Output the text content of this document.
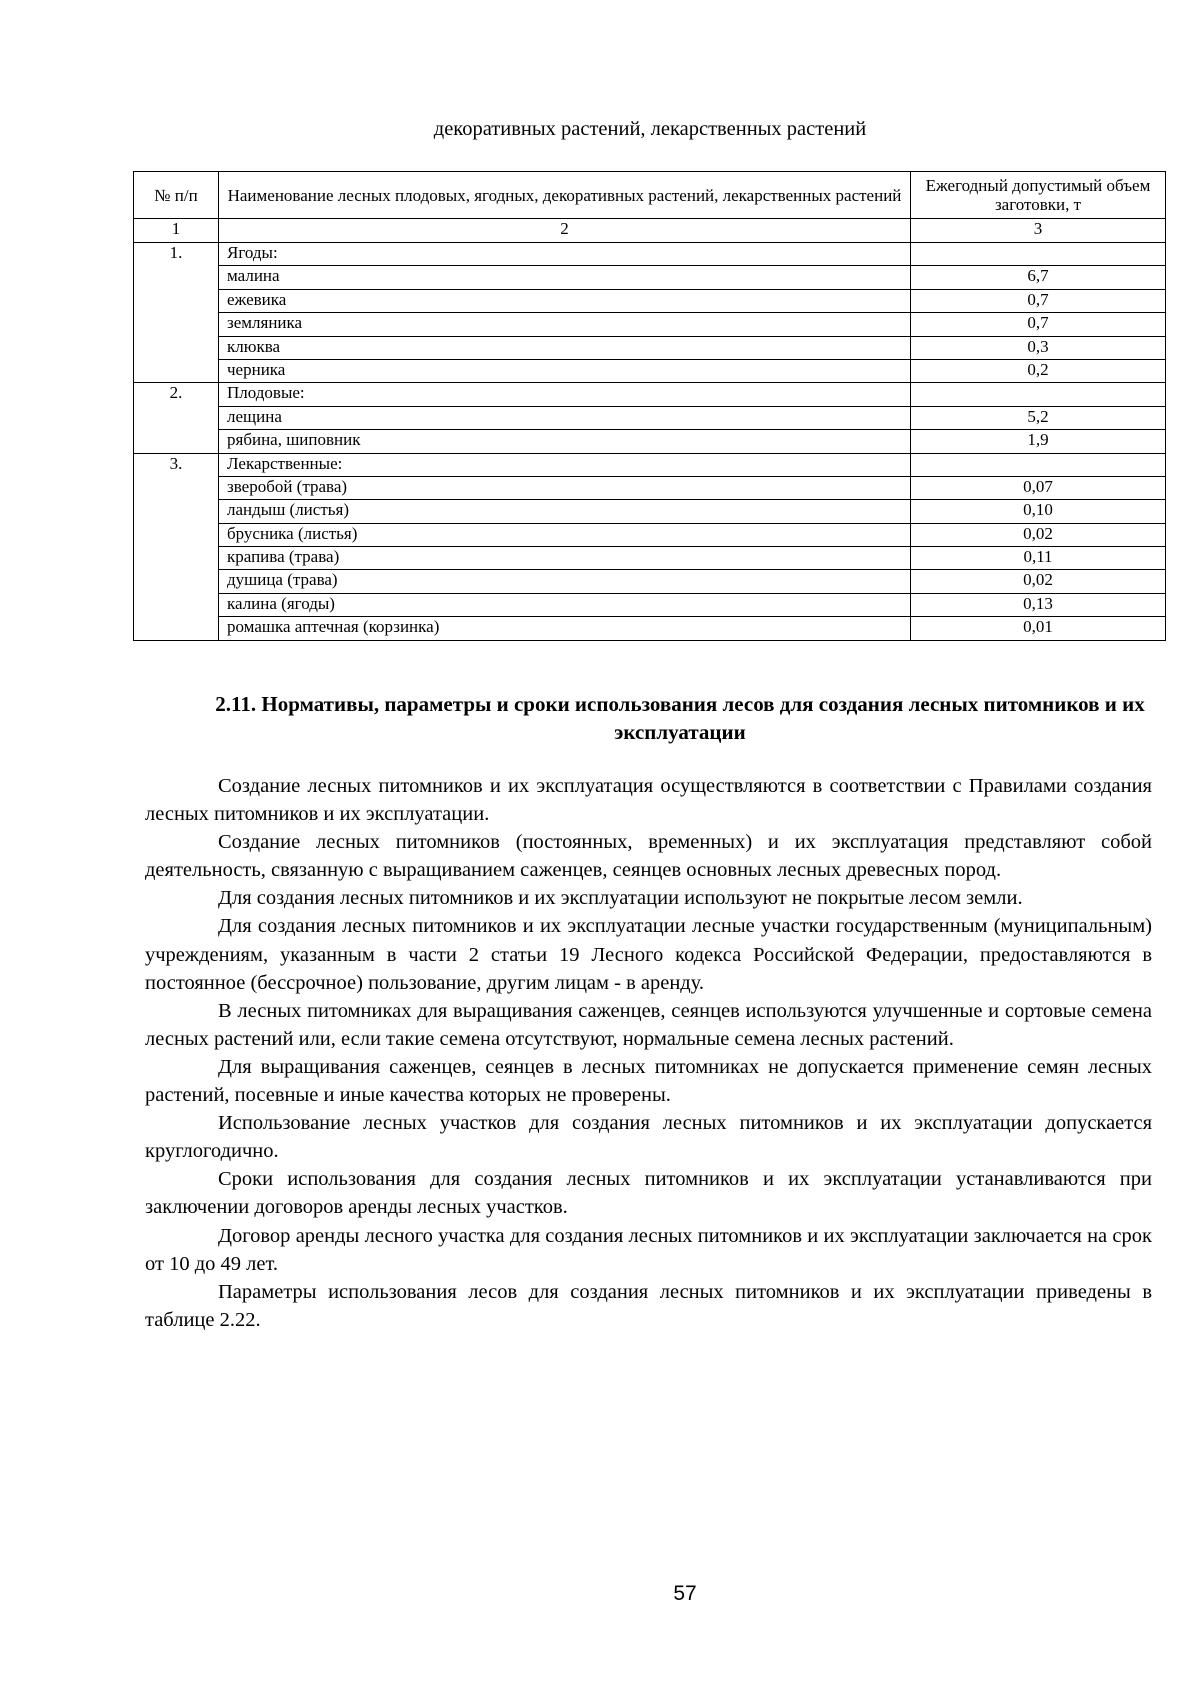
декоративных растений, лекарственных растений
№ п/п	Наименование лесных плодовых, ягодных, декоративных растений, лекарственных растений	Ежегодный допустимый объем заготовки, т
1	2	3
1.	Ягоды:	
	малина	6,7
	ежевика	0,7
	земляника	0,7
	клюква	0,3
	черника	0,2
2.	Плодовые:	
	лещина	5,2
	рябина, шиповник	1,9
3.	Лекарственные:	
	зверобой (трава)	0,07
	ландыш (листья)	0,10
	брусника (листья)	0,02
	крапива (трава)	0,11
	душица (трава)	0,02
	калина (ягоды)	0,13
	ромашка аптечная (корзинка)	0,01
2.11. Нормативы, параметры и сроки использования лесов для создания лесных питомников и их эксплуатации

Создание лесных питомников и их эксплуатация осуществляются в соответствии с Правилами создания лесных питомников и их эксплуатации.

Создание лесных питомников (постоянных, временных) и их эксплуатация представляют собой деятельность, связанную с выращиванием саженцев, сеянцев основных лесных древесных пород.

Для создания лесных питомников и их эксплуатации используют не покрытые лесом земли.

Для создания лесных питомников и их эксплуатации лесные участки государственным (муниципальным) учреждениям, указанным в части 2 статьи 19 Лесного кодекса Российской Федерации, предоставляются в постоянное (бессрочное) пользование, другим лицам - в аренду.

В лесных питомниках для выращивания саженцев, сеянцев используются улучшенные и сортовые семена лесных растений или, если такие семена отсутствуют, нормальные семена лесных растений.

Для выращивания саженцев, сеянцев в лесных питомниках не допускается применение семян лесных растений, посевные и иные качества которых не проверены.

Использование лесных участков для создания лесных питомников и их эксплуатации допускается круглогодично.

Сроки использования для создания лесных питомников и их эксплуатации устанавливаются при заключении договоров аренды лесных участков.

Договор аренды лесного участка для создания лесных питомников и их эксплуатации заключается на срок от 10 до 49 лет.

Параметры использования лесов для создания лесных питомников и их эксплуатации приведены в таблице 2.22.

57
